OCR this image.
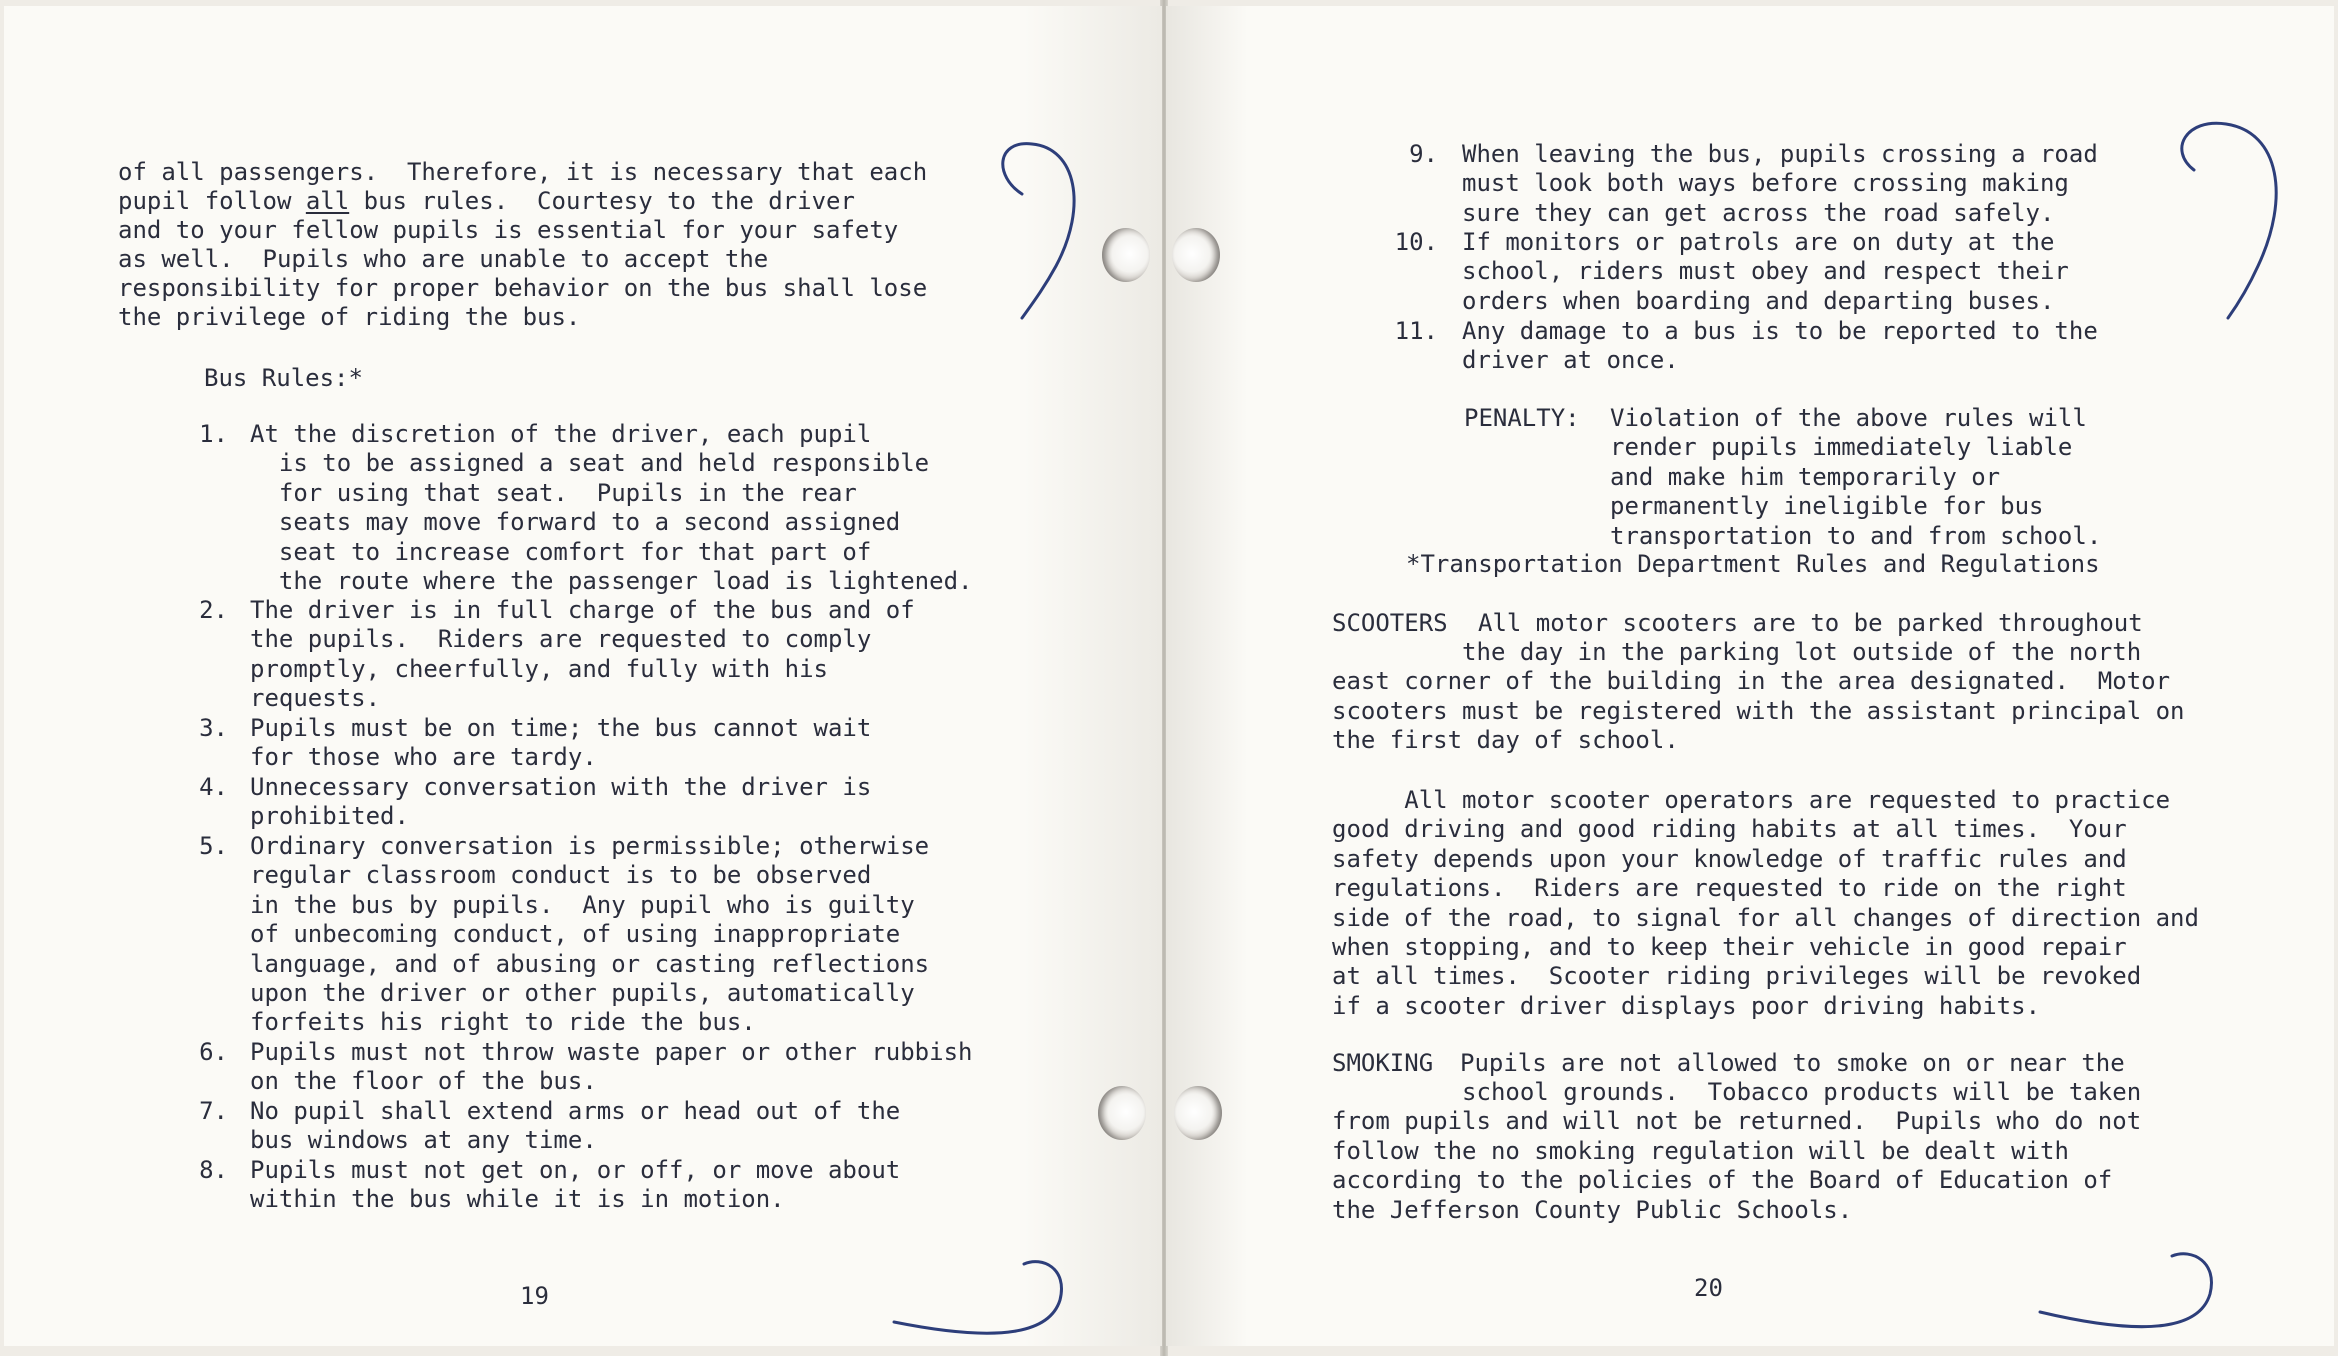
of all passengers.  Therefore, it is necessary that each

pupil follow all bus rules.  Courtesy to the driver

and to your fellow pupils is essential for your safety

as well.  Pupils who are unable to accept the

responsibility for proper behavior on the bus shall lose

the privilege of riding the bus.

Bus Rules:*

1. At the discretion of the driver, each pupil
is to be assigned a seat and held responsible
for using that seat.  Pupils in the rear
seats may move forward to a second assigned
seat to increase comfort for that part of
the route where the passenger load is lightened.

2. The driver is in full charge of the bus and of
the pupils.  Riders are requested to comply
promptly, cheerfully, and fully with his
requests.

3. Pupils must be on time; the bus cannot wait
for those who are tardy.

4. Unnecessary conversation with the driver is
prohibited.

5. Ordinary conversation is permissible; otherwise
regular classroom conduct is to be observed
in the bus by pupils.  Any pupil who is guilty
of unbecoming conduct, of using inappropriate
language, and of abusing or casting reflections
upon the driver or other pupils, automatically
forfeits his right to ride the bus.

6. Pupils must not throw waste paper or other rubbish
on the floor of the bus.

7. No pupil shall extend arms or head out of the
bus windows at any time.

8. Pupils must not get on, or off, or move about
within the bus while it is in motion.

19

9. When leaving the bus, pupils crossing a road
must look both ways before crossing making
sure they can get across the road safely.

10. If monitors or patrols are on duty at the
school, riders must obey and respect their
orders when boarding and departing buses.

11. Any damage to a bus is to be reported to the
driver at once.

PENALTY: Violation of the above rules will
render pupils immediately liable
and make him temporarily or
permanently ineligible for bus
transportation to and from school.

*Transportation Department Rules and Regulations

SCOOTERS All motor scooters are to be parked throughout

the day in the parking lot outside of the north
east corner of the building in the area designated.  Motor
scooters must be registered with the assistant principal on
the first day of school.

All motor scooter operators are requested to practice
good driving and good riding habits at all times.  Your
safety depends upon your knowledge of traffic rules and
regulations.  Riders are requested to ride on the right
side of the road, to signal for all changes of direction and
when stopping, and to keep their vehicle in good repair
at all times.  Scooter riding privileges will be revoked
if a scooter driver displays poor driving habits.

SMOKING Pupils are not allowed to smoke on or near the

school grounds.  Tobacco products will be taken
from pupils and will not be returned.  Pupils who do not
follow the no smoking regulation will be dealt with
according to the policies of the Board of Education of
the Jefferson County Public Schools.

20
